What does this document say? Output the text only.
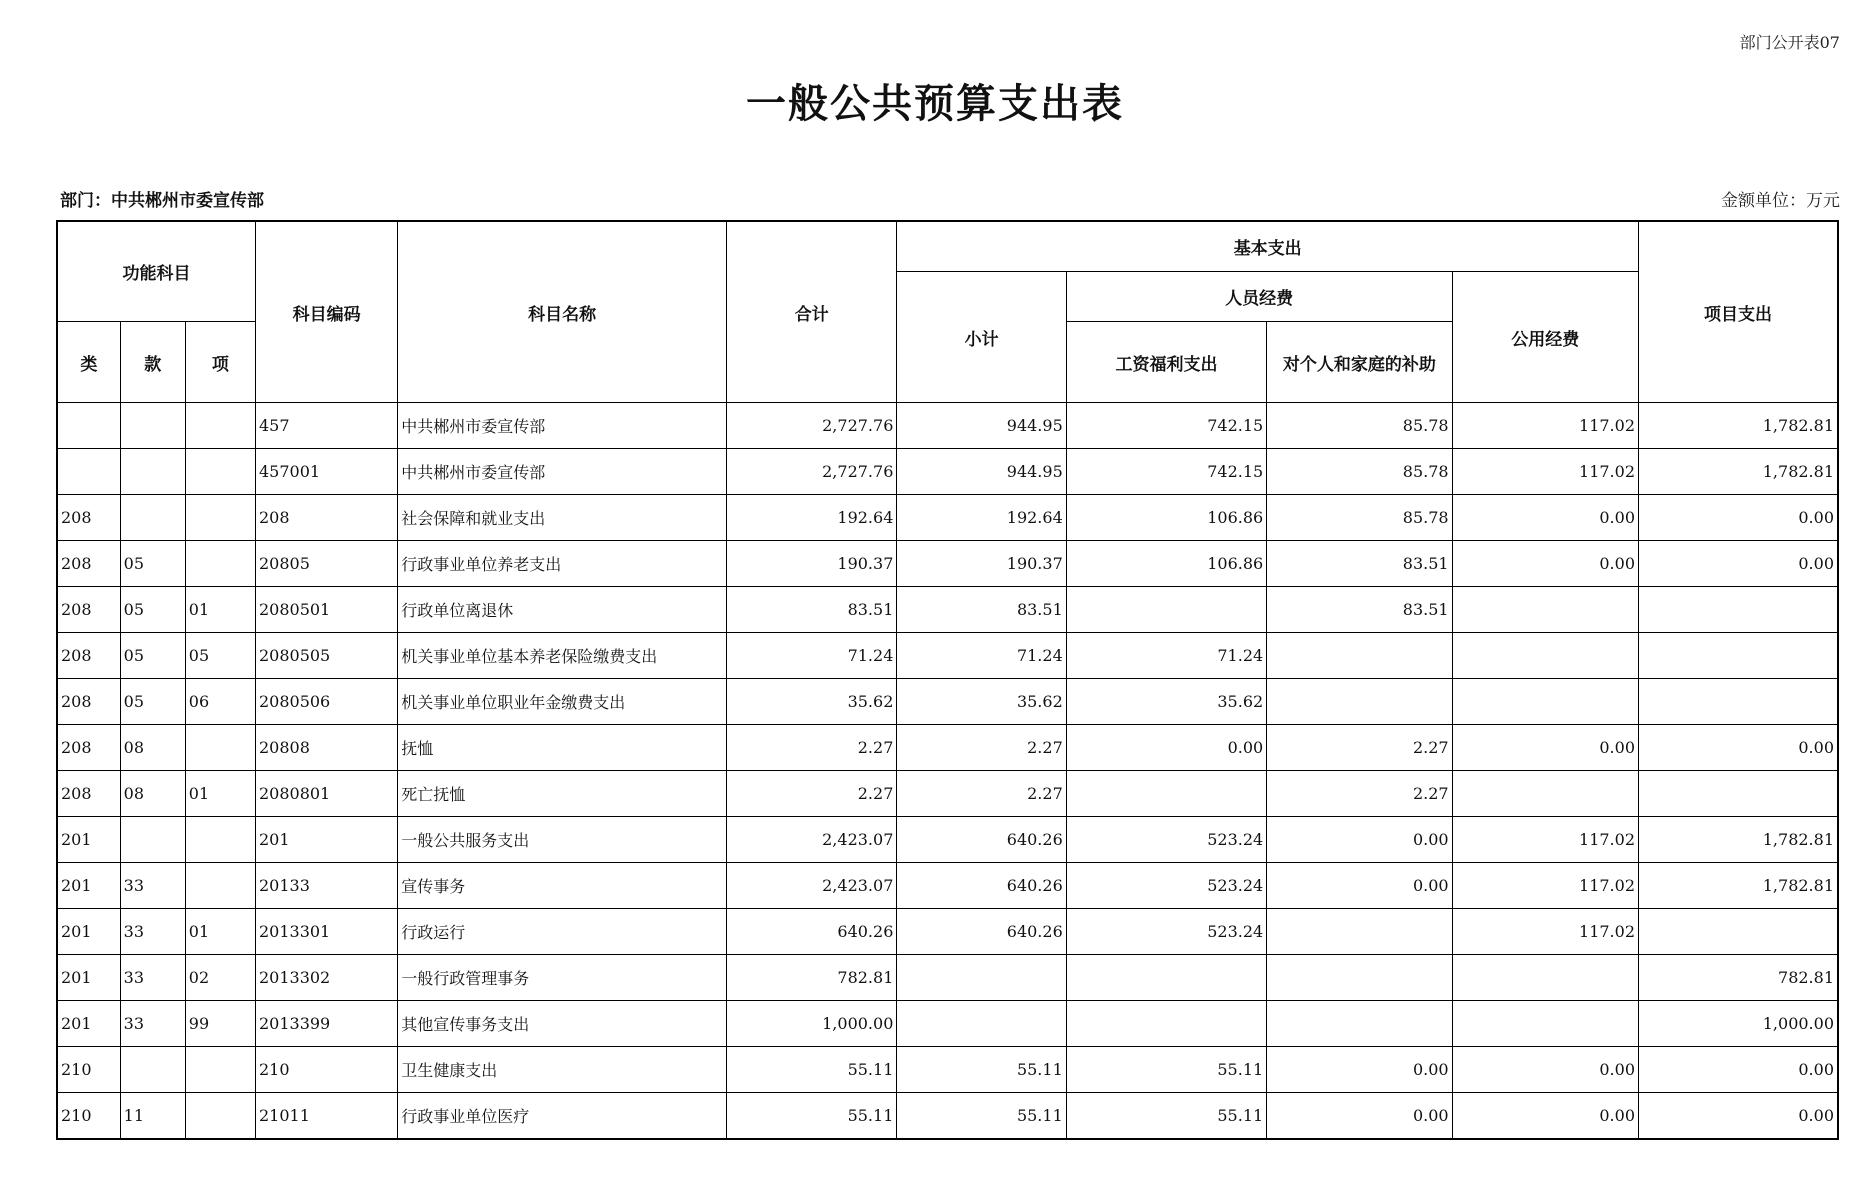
部门公开表07
一般公共预算支出表
部门：中共郴州市委宣传部	金额单位：万元
功能科目			科目编码	科目名称	合计	基本支出				项目支出
						小计	人员经费		公用经费	
类	款	项					工资福利支出	对个人和家庭的补助		
			457	中共郴州市委宣传部	2,727.76	944.95	742.15	85.78	117.02	1,782.81
			457001	中共郴州市委宣传部	2,727.76	944.95	742.15	85.78	117.02	1,782.81
208			208	社会保障和就业支出	192.64	192.64	106.86	85.78	0.00	0.00
208	05		20805	行政事业单位养老支出	190.37	190.37	106.86	83.51	0.00	0.00
208	05	01	2080501	行政单位离退休	83.51	83.51		83.51		
208	05	05	2080505	机关事业单位基本养老保险缴费支出	71.24	71.24	71.24			
208	05	06	2080506	机关事业单位职业年金缴费支出	35.62	35.62	35.62			
208	08		20808	抚恤	2.27	2.27	0.00	2.27	0.00	0.00
208	08	01	2080801	死亡抚恤	2.27	2.27		2.27		
201			201	一般公共服务支出	2,423.07	640.26	523.24	0.00	117.02	1,782.81
201	33		20133	宣传事务	2,423.07	640.26	523.24	0.00	117.02	1,782.81
201	33	01	2013301	行政运行	640.26	640.26	523.24		117.02	
201	33	02	2013302	一般行政管理事务	782.81					782.81
201	33	99	2013399	其他宣传事务支出	1,000.00					1,000.00
210			210	卫生健康支出	55.11	55.11	55.11	0.00	0.00	0.00
210	11		21011	行政事业单位医疗	55.11	55.11	55.11	0.00	0.00	0.00
